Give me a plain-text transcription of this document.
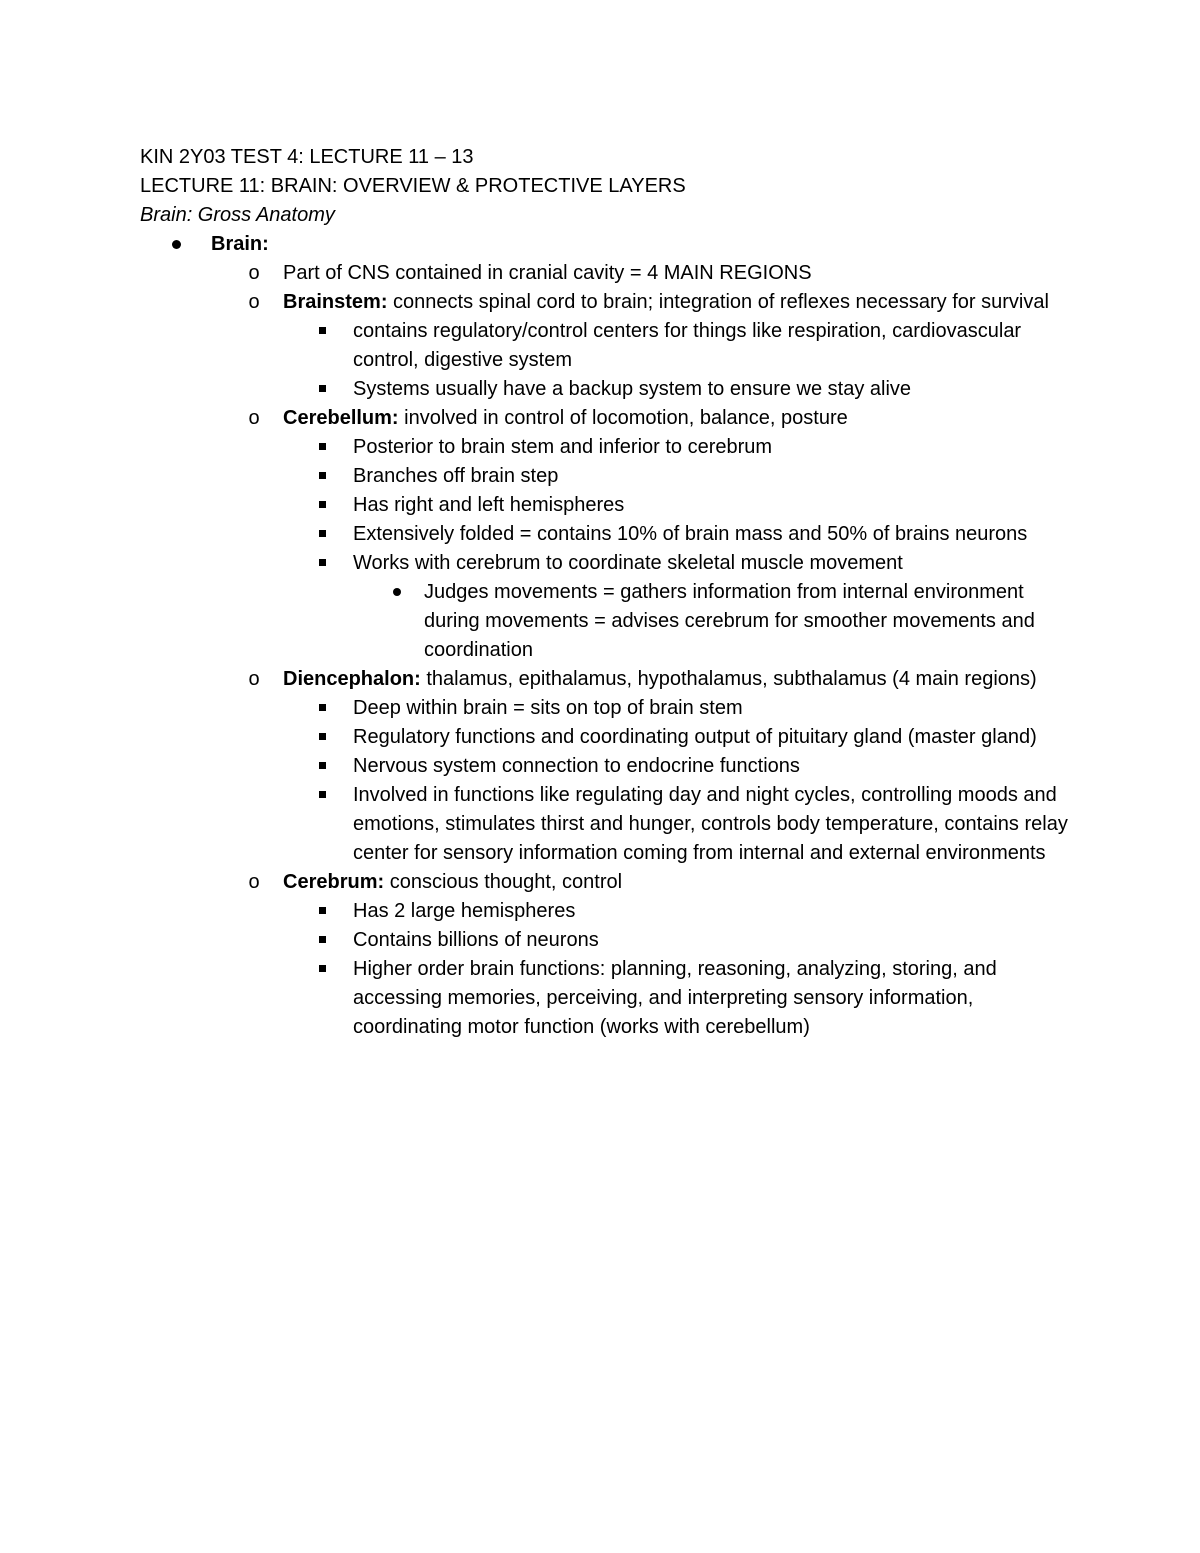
KIN 2Y03 TEST 4: LECTURE 11 – 13
LECTURE 11: BRAIN: OVERVIEW & PROTECTIVE LAYERS
Brain: Gross Anatomy
Brain:
o Part of CNS contained in cranial cavity = 4 MAIN REGIONS
o Brainstem: connects spinal cord to brain; integration of reflexes necessary for survival
contains regulatory/control centers for things like respiration, cardiovascular control, digestive system
Systems usually have a backup system to ensure we stay alive
o Cerebellum: involved in control of locomotion, balance, posture
Posterior to brain stem and inferior to cerebrum
Branches off brain step
Has right and left hemispheres
Extensively folded = contains 10% of brain mass and 50% of brains neurons
Works with cerebrum to coordinate skeletal muscle movement
Judges movements = gathers information from internal environment during movements = advises cerebrum for smoother movements and coordination
o Diencephalon: thalamus, epithalamus, hypothalamus, subthalamus (4 main regions)
Deep within brain = sits on top of brain stem
Regulatory functions and coordinating output of pituitary gland (master gland)
Nervous system connection to endocrine functions
Involved in functions like regulating day and night cycles, controlling moods and emotions, stimulates thirst and hunger, controls body temperature, contains relay center for sensory information coming from internal and external environments
o Cerebrum: conscious thought, control
Has 2 large hemispheres
Contains billions of neurons
Higher order brain functions: planning, reasoning, analyzing, storing, and accessing memories, perceiving, and interpreting sensory information, coordinating motor function (works with cerebellum)
